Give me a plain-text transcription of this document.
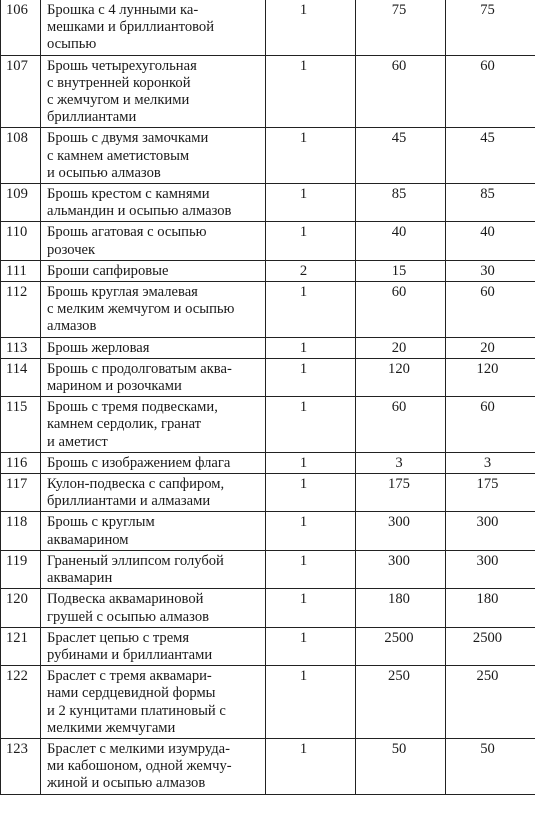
106	Брошка с 4 лунными ка-
мешками и бриллиантовой
осыпью	1	75	75
107	Брошь четырехугольная
с внутренней коронкой
с жемчугом и мелкими
бриллиантами	1	60	60
108	Брошь с двумя замочками
с камнем аметистовым
и осыпью алмазов	1	45	45
109	Брошь крестом с камнями
альмандин и осыпью алмазов	1	85	85
110	Брошь агатовая с осыпью
розочек	1	40	40
111	Броши сапфировые	2	15	30
112	Брошь круглая эмалевая
с мелким жемчугом и осыпью
алмазов	1	60	60
113	Брошь жерловая	1	20	20
114	Брошь с продолговатым аква-
марином и розочками	1	120	120
115	Брошь с тремя подвесками,
камнем сердолик, гранат
и аметист	1	60	60
116	Брошь с изображением флага	1	3	3
117	Кулон-подвеска с сапфиром,
бриллиантами и алмазами	1	175	175
118	Брошь с круглым
аквамарином	1	300	300
119	Граненый эллипсом голубой
аквамарин	1	300	300
120	Подвеска аквамариновой
грушей с осыпью алмазов	1	180	180
121	Браслет цепью с тремя
рубинами и бриллиантами	1	2500	2500
122	Браслет с тремя аквамари-
нами сердцевидной формы
и 2 кунцитами платиновый с
мелкими жемчугами	1	250	250
123	Браслет с мелкими изумруда-
ми кабошоном, одной жемчу-
жиной и осыпью алмазов	1	50	50
